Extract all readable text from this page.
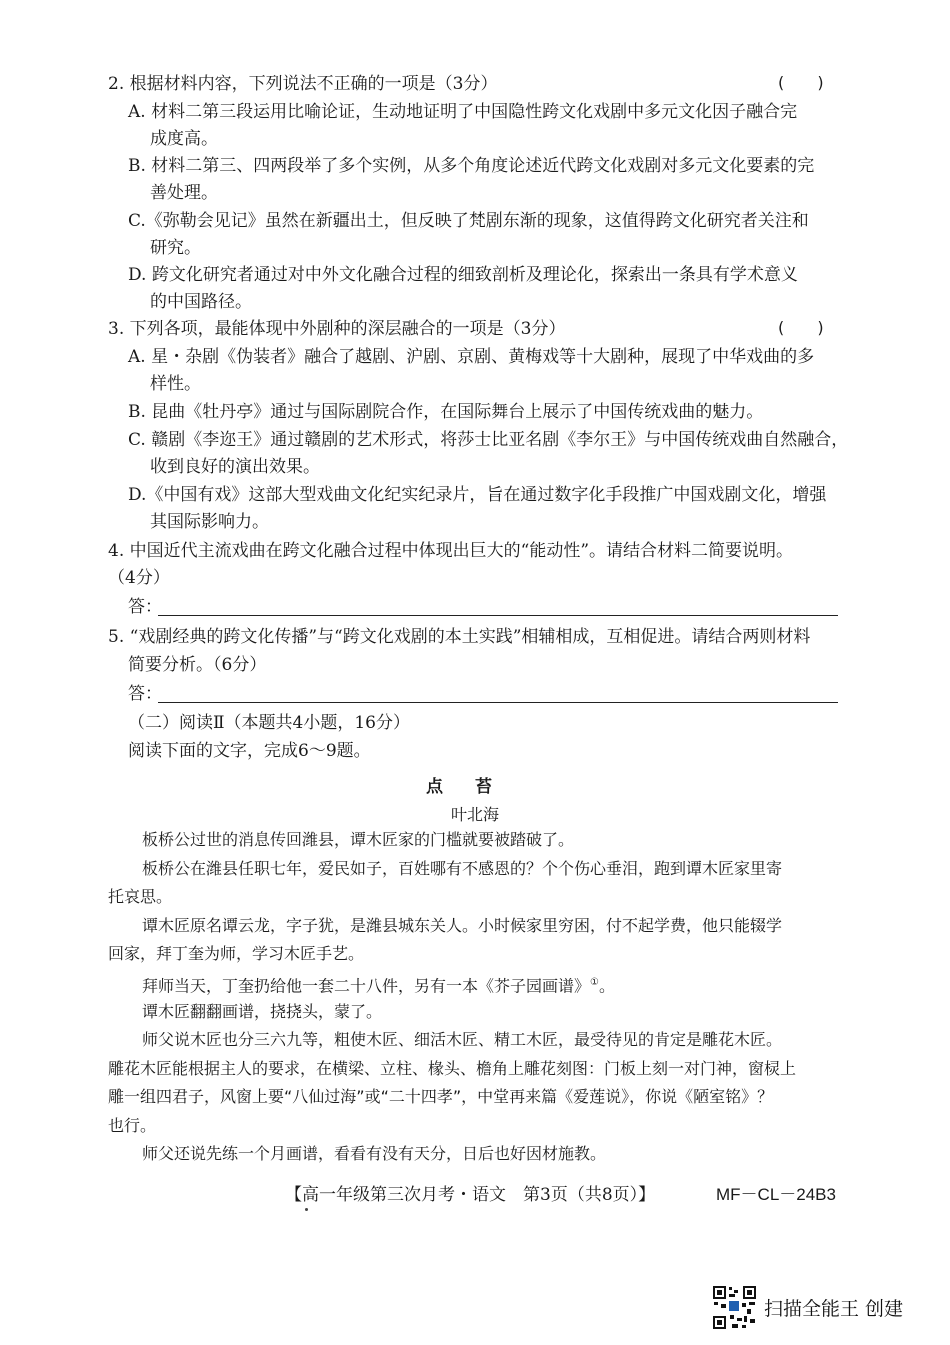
2. 根据材料内容，下列说法不正确的一项是（3分）	( )
A. 材料二第三段运用比喻论证，生动地证明了中国隐性跨文化戏剧中多元文化因子融合完
成度高。
B. 材料二第三、四两段举了多个实例，从多个角度论述近代跨文化戏剧对多元文化要素的完
善处理。
C.《弥勒会见记》虽然在新疆出土，但反映了梵剧东渐的现象，这值得跨文化研究者关注和
研究。
D. 跨文化研究者通过对中外文化融合过程的细致剖析及理论化，探索出一条具有学术意义
的中国路径。
3. 下列各项，最能体现中外剧种的深层融合的一项是（3分）	( )
A. 星・杂剧《伪装者》融合了越剧、沪剧、京剧、黄梅戏等十大剧种，展现了中华戏曲的多
样性。
B. 昆曲《牡丹亭》通过与国际剧院合作，在国际舞台上展示了中国传统戏曲的魅力。
C. 赣剧《李迩王》通过赣剧的艺术形式，将莎士比亚名剧《李尔王》与中国传统戏曲自然融合，
收到良好的演出效果。
D.《中国有戏》这部大型戏曲文化纪实纪录片，旨在通过数字化手段推广中国戏剧文化，增强
其国际影响力。
4. 中国近代主流戏曲在跨文化融合过程中体现出巨大的“能动性”。请结合材料二简要说明。
（4分）
答：
5. “戏剧经典的跨文化传播”与“跨文化戏剧的本土实践”相辅相成，互相促进。请结合两则材料
简要分析。（6分）
答：
（二）阅读Ⅱ（本题共4小题，16分）
阅读下面的文字，完成6～9题。
点苔
叶北海
板桥公过世的消息传回潍县，谭木匠家的门槛就要被踏破了。
板桥公在潍县任职七年，爱民如子，百姓哪有不感恩的？个个伤心垂泪，跑到谭木匠家里寄
托哀思。
谭木匠原名谭云龙，字子犹，是潍县城东关人。小时候家里穷困，付不起学费，他只能辍学
回家，拜丁奎为师，学习木匠手艺。
拜师当天，丁奎扔给他一套二十八件，另有一本《芥子园画谱》①。
谭木匠翻翻画谱，挠挠头，蒙了。
师父说木匠也分三六九等，粗使木匠、细活木匠、精工木匠，最受待见的肯定是雕花木匠。
雕花木匠能根据主人的要求，在横梁、立柱、椽头、檐角上雕花刻图：门板上刻一对门神，窗棂上
雕一组四君子，风窗上要“八仙过海”或“二十四孝”，中堂再来篇《爱莲说》，你说《陋室铭》？
也行。
师父还说先练一个月画谱，看看有没有天分，日后也好因材施教。
【高一年级第三次月考・语文　第3页（共8页）】	MF－CL－24B3
扫描全能王 创建
